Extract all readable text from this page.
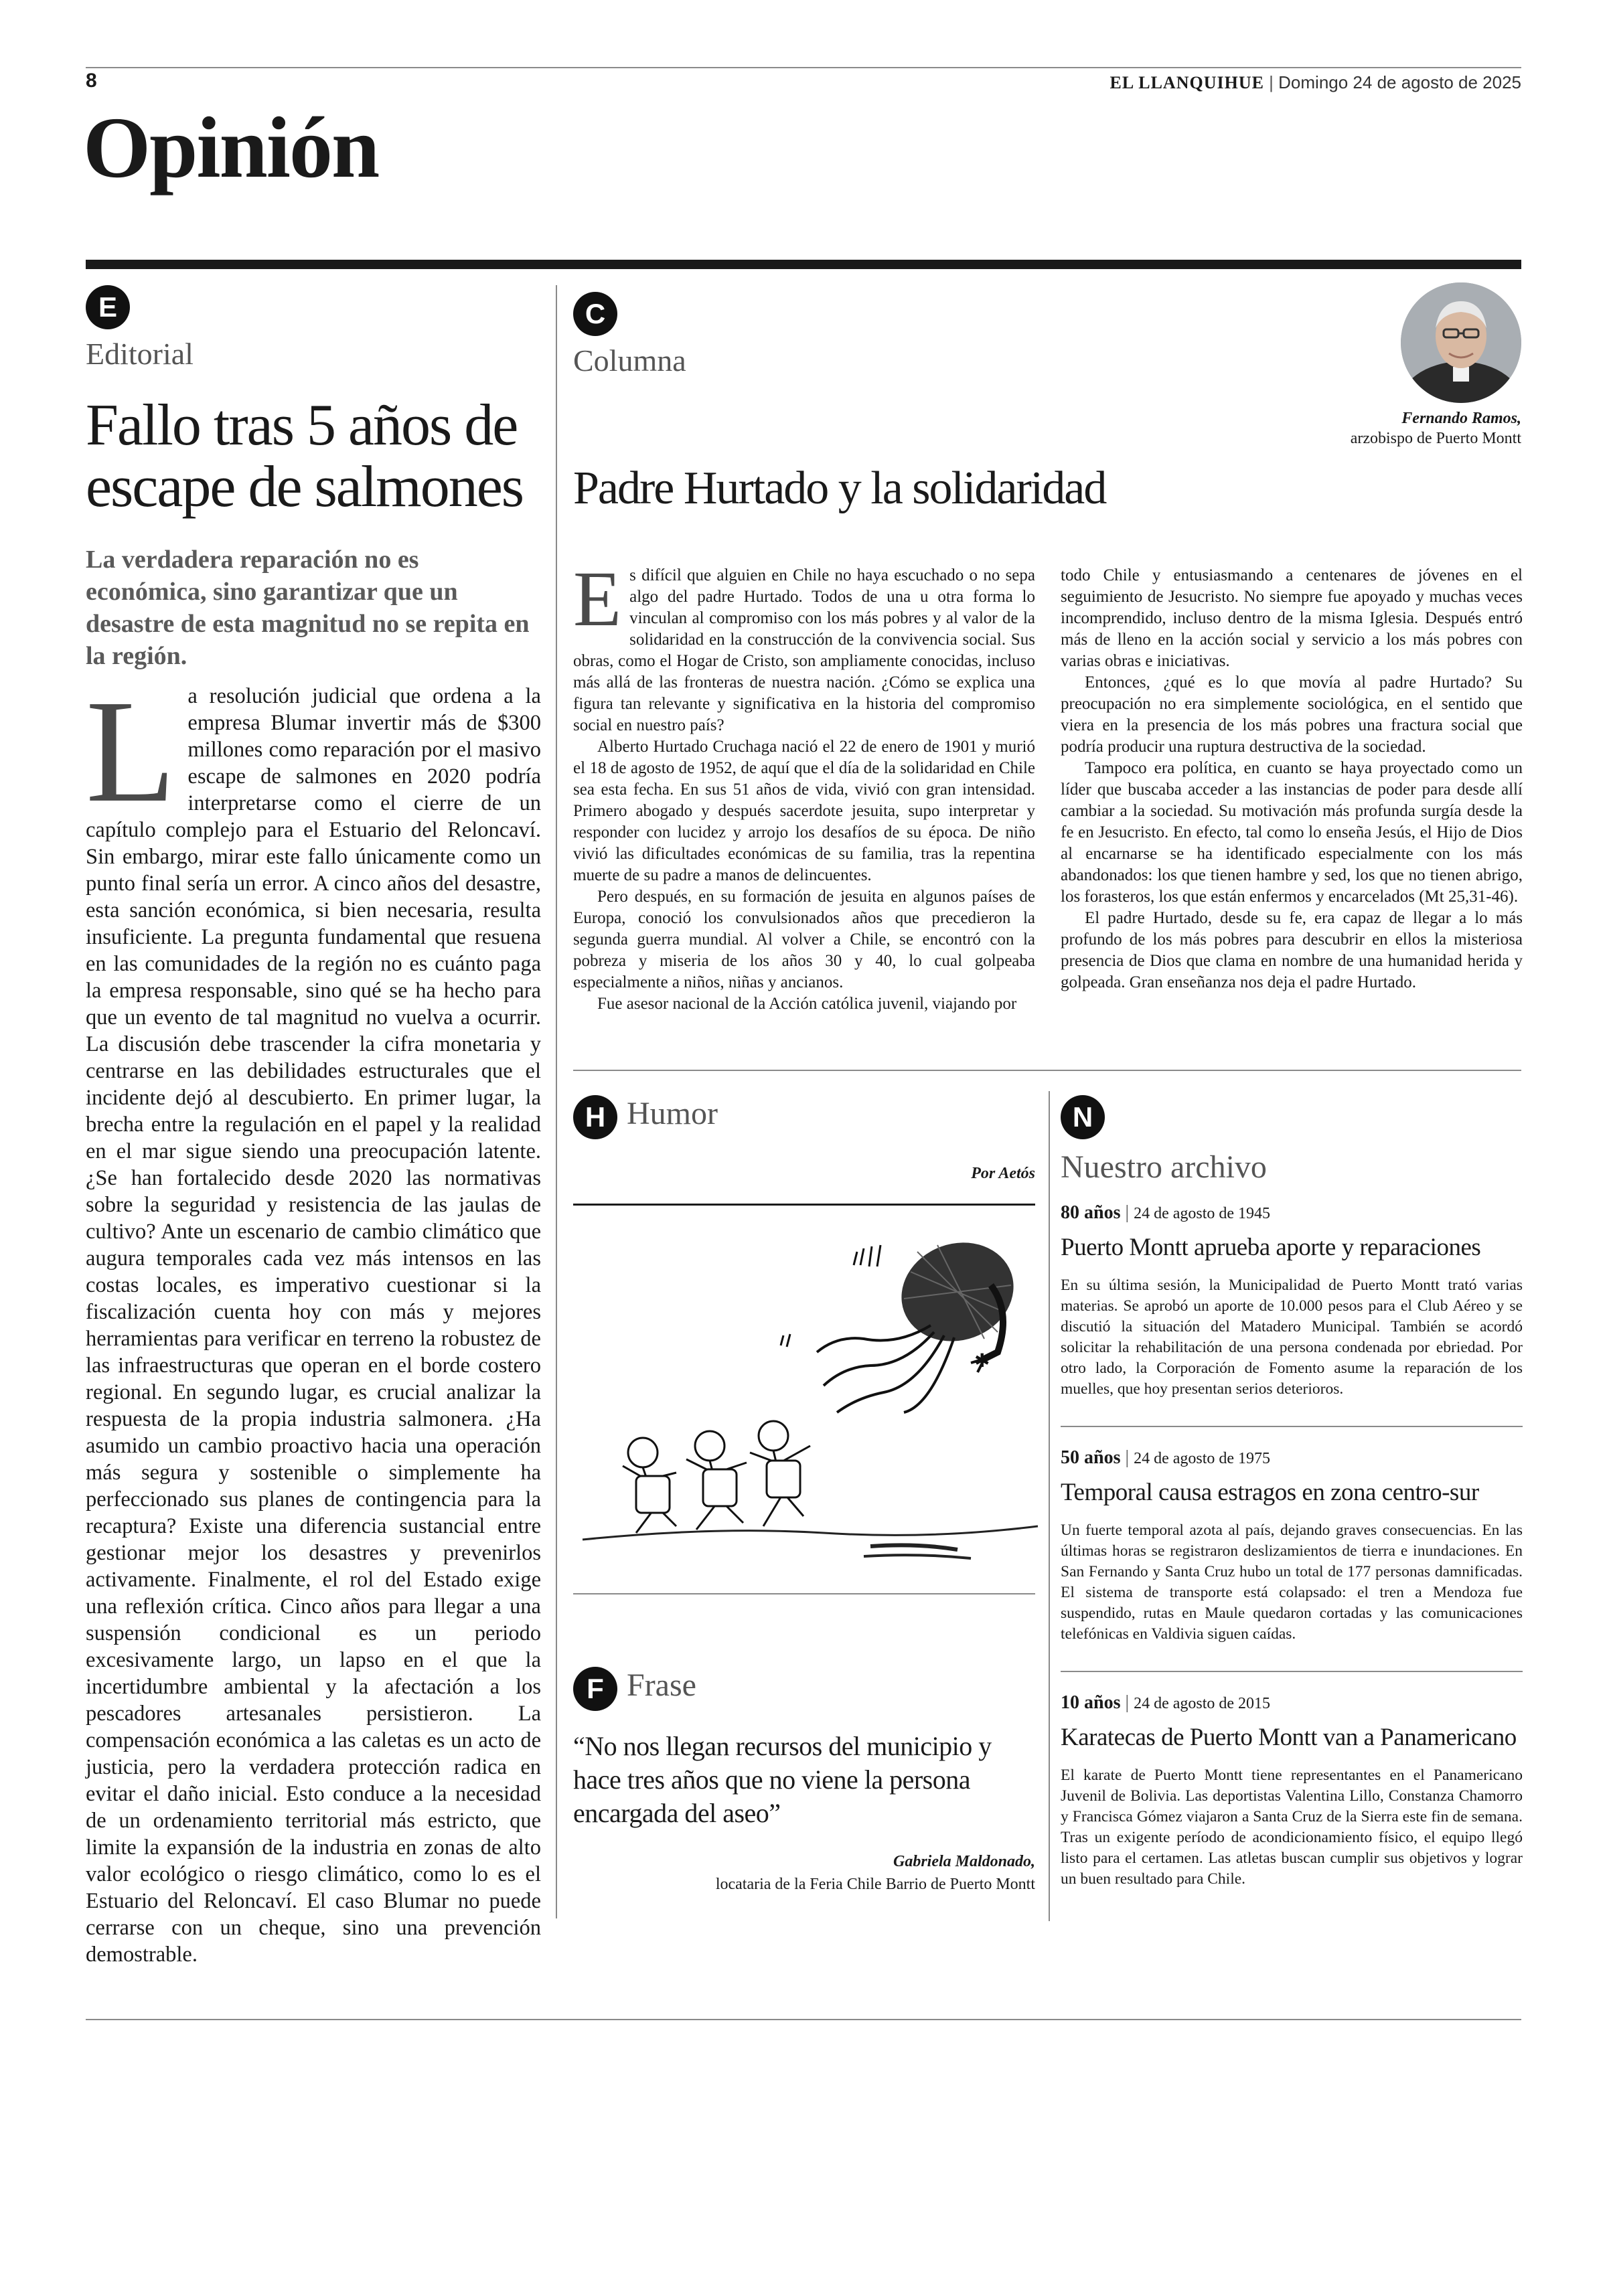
8	EL LLANQUIHUE | Domingo 24 de agosto de 2025
Opinión
E
Editorial
Fallo tras 5 años de escape de salmones
La verdadera reparación no es económica, sino garantizar que un desastre de esta magnitud no se repita en la región.
La resolución judicial que ordena a la empresa Blumar invertir más de $300 millones como reparación por el masivo escape de salmones en 2020 podría interpretarse como el cierre de un capítulo complejo para el Estuario del Reloncaví. Sin embargo, mirar este fallo únicamente como un punto final sería un error. A cinco años del desastre, esta sanción económica, si bien necesaria, resulta insuficiente. La pregunta fundamental que resuena en las comunidades de la región no es cuánto paga la empresa responsable, sino qué se ha hecho para que un evento de tal magnitud no vuelva a ocurrir. La discusión debe trascender la cifra monetaria y centrarse en las debilidades estructurales que el incidente dejó al descubierto. En primer lugar, la brecha entre la regulación en el papel y la realidad en el mar sigue siendo una preocupación latente. ¿Se han fortalecido desde 2020 las normativas sobre la seguridad y resistencia de las jaulas de cultivo? Ante un escenario de cambio climático que augura temporales cada vez más intensos en las costas locales, es imperativo cuestionar si la fiscalización cuenta hoy con más y mejores herramientas para verificar en terreno la robustez de las infraestructuras que operan en el borde costero regional. En segundo lugar, es crucial analizar la respuesta de la propia industria salmonera. ¿Ha asumido un cambio proactivo hacia una operación más segura y sostenible o simplemente ha perfeccionado sus planes de contingencia para la recaptura? Existe una diferencia sustancial entre gestionar mejor los desastres y prevenirlos activamente. Finalmente, el rol del Estado exige una reflexión crítica. Cinco años para llegar a una suspensión condicional es un periodo excesivamente largo, un lapso en el que la incertidumbre ambiental y la afectación a los pescadores artesanales persistieron. La compensación económica a las caletas es un acto de justicia, pero la verdadera protección radica en evitar el daño inicial. Esto conduce a la necesidad de un ordenamiento territorial más estricto, que limite la expansión de la industria en zonas de alto valor ecológico o riesgo climático, como lo es el Estuario del Reloncaví. El caso Blumar no puede cerrarse con un cheque, sino una prevención demostrable.
C
Columna
Padre Hurtado y la solidaridad
Fernando Ramos,
arzobispo de Puerto Montt
E s difícil que alguien en Chile no haya escuchado o no sepa algo del padre Hurtado. Todos de una u otra forma lo vinculan al compromiso con los más pobres y al valor de la solidaridad en la construcción de la convivencia social. Sus obras, como el Hogar de Cristo, son ampliamente conocidas, incluso más allá de las fronteras de nuestra nación. ¿Cómo se explica una figura tan relevante y significativa en la historia del compromiso social en nuestro país?

Alberto Hurtado Cruchaga nació el 22 de enero de 1901 y murió el 18 de agosto de 1952, de aquí que el día de la solidaridad en Chile sea esta fecha. En sus 51 años de vida, vivió con gran intensidad. Primero abogado y después sacerdote jesuita, supo interpretar y responder con lucidez y arrojo los desafíos de su época. De niño vivió las dificultades económicas de su familia, tras la repentina muerte de su padre a manos de delincuentes.

Pero después, en su formación de jesuita en algunos países de Europa, conoció los convulsionados años que precedieron la segunda guerra mundial. Al volver a Chile, se encontró con la pobreza y miseria de los años 30 y 40, lo cual golpeaba especialmente a niños, niñas y ancianos.

Fue asesor nacional de la Acción católica juvenil, viajando por

todo Chile y entusiasmando a centenares de jóvenes en el seguimiento de Jesucristo. No siempre fue apoyado y muchas veces incomprendido, incluso dentro de la misma Iglesia. Después entró más de lleno en la acción social y servicio a los más pobres con varias obras e iniciativas.

Entonces, ¿qué es lo que movía al padre Hurtado? Su preocupación no era simplemente sociológica, en el sentido que viera en la presencia de los más pobres una fractura social que podría producir una ruptura destructiva de la sociedad.

Tampoco era política, en cuanto se haya proyectado como un líder que buscaba acceder a las instancias de poder para desde allí cambiar a la sociedad. Su motivación más profunda surgía desde la fe en Jesucristo. En efecto, tal como lo enseña Jesús, el Hijo de Dios al encarnarse se ha identificado especialmente con los más abandonados: los que tienen hambre y sed, los que no tienen abrigo, los forasteros, los que están enfermos y encarcelados (Mt 25,31-46).

El padre Hurtado, desde su fe, era capaz de llegar a lo más profundo de los más pobres para descubrir en ellos la misteriosa presencia de Dios que clama en nombre de una humanidad herida y golpeada. Gran enseñanza nos deja el padre Hurtado.

H Humor
Por Aetós
✱
F Frase
“No nos llegan recursos del municipio y hace tres años que no viene la persona encargada del aseo”
Gabriela Maldonado,
locataria de la Feria Chile Barrio de Puerto Montt
N
Nuestro archivo
80 años | 24 de agosto de 1945
Puerto Montt aprueba aporte y reparaciones
En su última sesión, la Municipalidad de Puerto Montt trató varias materias. Se aprobó un aporte de 10.000 pesos para el Club Aéreo y se discutió la situación del Matadero Municipal. También se acordó solicitar la rehabilitación de una persona condenada por ebriedad. Por otro lado, la Corporación de Fomento asume la reparación de los muelles, que hoy presentan serios deterioros.
50 años | 24 de agosto de 1975
Temporal causa estragos en zona centro-sur
Un fuerte temporal azota al país, dejando graves consecuencias. En las últimas horas se registraron deslizamientos de tierra e inundaciones. En San Fernando y Santa Cruz hubo un total de 177 personas damnificadas. El sistema de transporte está colapsado: el tren a Mendoza fue suspendido, rutas en Maule quedaron cortadas y las comunicaciones telefónicas en Valdivia siguen caídas.
10 años | 24 de agosto de 2015
Karatecas de Puerto Montt van a Panamericano
El karate de Puerto Montt tiene representantes en el Panamericano Juvenil de Bolivia. Las deportistas Valentina Lillo, Constanza Chamorro y Francisca Gómez viajaron a Santa Cruz de la Sierra este fin de semana. Tras un exigente período de acondicionamiento físico, el equipo llegó listo para el certamen. Las atletas buscan cumplir sus objetivos y lograr un buen resultado para Chile.
